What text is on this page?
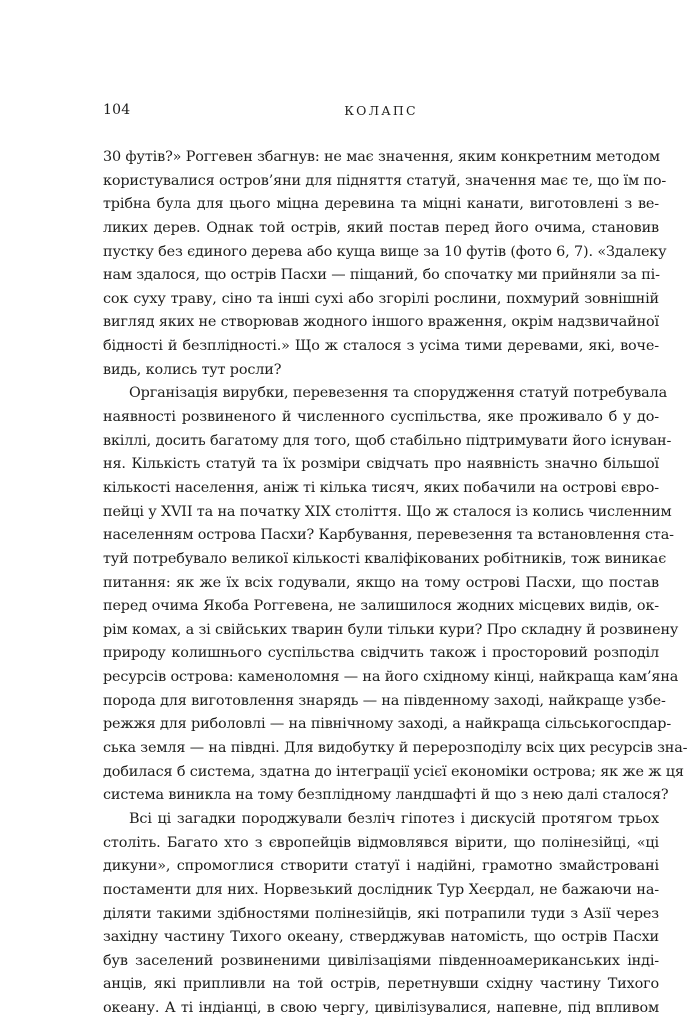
104	КОЛАПС
30 футів?» Роггевен збагнув: не має значення, яким конкретним методом
користувалися остров’яни для підняття статуй, значення має те, що їм по-
трібна була для цього міцна деревина та міцні канати, виготовлені з ве-
ликих дерев. Однак той острів, який постав перед його очима, становив
пустку без єдиного дерева або куща вище за 10 футів (фото 6, 7). «Здалеку
нам здалося, що острів Пасхи — піщаний, бо спочатку ми прийняли за пі-
сок суху траву, сіно та інші сухі або згорілі рослини, похмурий зовнішній
вигляд яких не створював жодного іншого враження, окрім надзвичайної
бідності й безплідності.» Що ж сталося з усіма тими деревами, які, воче-
видь, колись тут росли?
Організація вирубки, перевезення та спорудження статуй потребувала
наявності розвиненого й численного суспільства, яке проживало б у до-
вкіллі, досить багатому для того, щоб стабільно підтримувати його існуван-
ня. Кількість статуй та їх розміри свідчать про наявність значно більшої
кількості населення, аніж ті кілька тисяч, яких побачили на острові євро-
пейці у XVII та на початку XIX століття. Що ж сталося із колись численним
населенням острова Пасхи? Карбування, перевезення та встановлення ста-
туй потребувало великої кількості кваліфікованих робітників, тож виникає
питання: як же їх всіх годували, якщо на тому острові Пасхи, що постав
перед очима Якоба Роггевена, не залишилося жодних місцевих видів, ок-
рім комах, а зі свійських тварин були тільки кури? Про складну й розвинену
природу колишнього суспільства свідчить також і просторовий розподіл
ресурсів острова: каменоломня — на його східному кінці, найкраща кам’яна
порода для виготовлення знарядь — на південному заході, найкраще узбе-
режжя для риболовлі — на північному заході, а найкраща сільськогоспдар-
ська земля — на півдні. Для видобутку й перерозподілу всіх цих ресурсів зна-
добилася б система, здатна до інтеграції усієї економіки острова; як же ж ця
система виникла на тому безплідному ландшафті й що з нею далі сталося?
Всі ці загадки породжували безліч гіпотез і дискусій протягом трьох
століть. Багато хто з європейців відмовлявся вірити, що полінезійці, «ці
дикуни», спромоглися створити статуї і надійні, грамотно змайстровані
постаменти для них. Норвезький дослідник Тур Хеєрдал, не бажаючи на-
діляти такими здібностями полінезійців, які потрапили туди з Азії через
західну частину Тихого океану, стверджував натомість, що острів Пасхи
був заселений розвиненими цивілізаціями південноамериканських інді-
анців, які припливли на той острів, перетнувши східну частину Тихого
океану. А ті індіанці, в свою чергу, цивілізувалися, напевне, під впливом
